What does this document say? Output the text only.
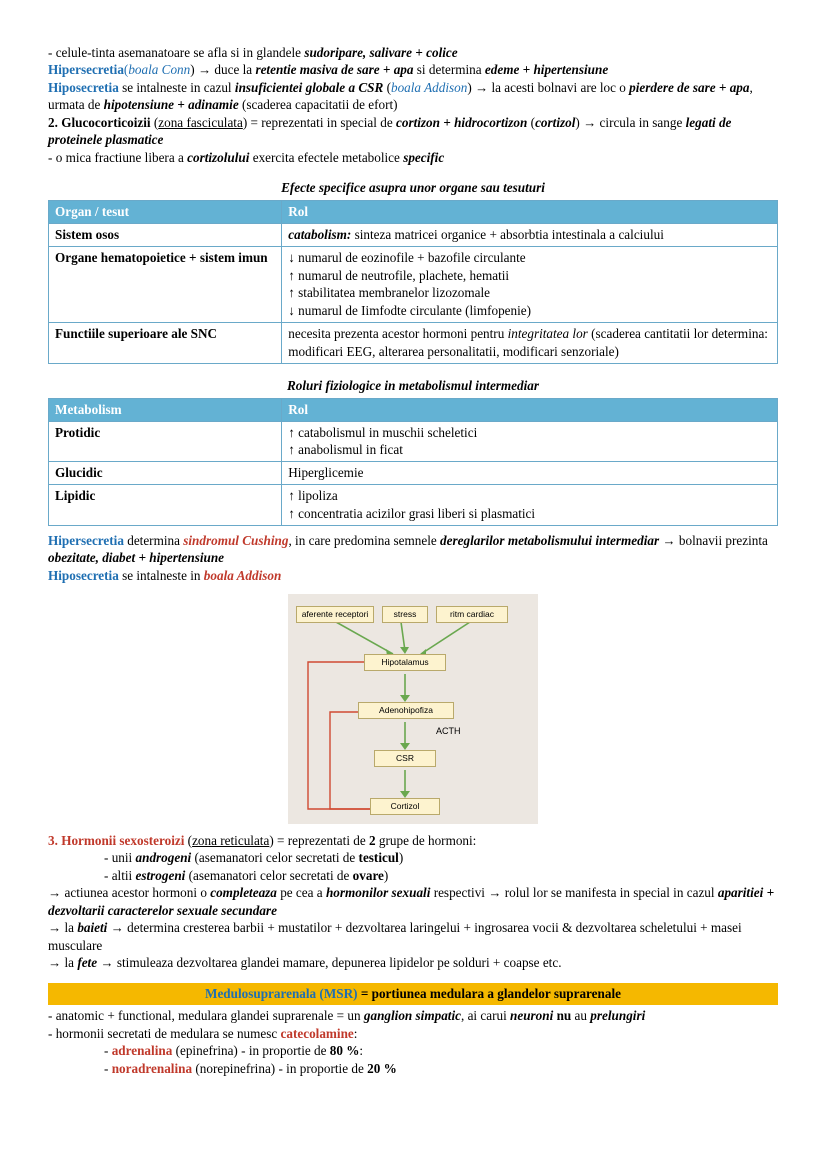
- celule-tinta asemanatoare se afla si in glandele sudoripare, salivare + colice
Hipersecretia(boala Conn) → duce la retentie masiva de sare + apa si determina edeme + hipertensiune
Hiposecretia se intalneste in cazul insuficientei globale a CSR (boala Addison) → la acesti bolnavi are loc o pierdere de sare + apa, urmata de hipotensiune + adinamie (scaderea capacitatii de efort)
2. Glucocorticoizii (zona fasciculata) = reprezentati in special de cortizon + hidrocortizon (cortizol) → circula in sange legati de proteinele plasmatice
- o mica fractiune libera a cortizolului exercita efectele metabolice specific
Efecte specifice asupra unor organe sau tesuturi
Organ / tesut	Rol
Sistem osos	catabolism: sinteza matricei organice + absorbtia intestinala a calciului
Organe hematopoietice + sistem imun	↓ numarul de eozinofile + bazofile circulante
↑ numarul de neutrofile, plachete, hematii
↑ stabilitatea membranelor lizozomale
↓ numarul de Iimfodte circulante (limfopenie)

Functiile superioare ale SNC	necesita prezenta acestor hormoni pentru integritatea lor (scaderea cantitatii lor determina: modificari EEG, alterarea personalitatii, modificari senzoriale)
Roluri fiziologice in metabolismul intermediar
Metabolism	Rol
Protidic	↑ catabolismul in muschii scheletici
↑ anabolismul in ficat

Glucidic	Hiperglicemie

Lipidic	↑ lipoliza
↑ concentratia acizilor grasi liberi si plasmatici
Hipersecretia determina sindromul Cushing, in care predomina semnele dereglarilor metabolismului intermediar → bolnavii prezinta obezitate, diabet + hipertensiune
Hiposecretia se intalneste in boala Addison
aferente receptori	stress	ritm cardiac
Hipotalamus
Adenohipofiza
CSR
Cortizol
ACTH
3. Hormonii sexosteroizi (zona reticulata) = reprezentati de 2 grupe de hormoni:
- unii androgeni (asemanatori celor secretati de testicul)
- altii estrogeni (asemanatori celor secretati de ovare)
→ actiunea acestor hormoni o completeaza pe cea a hormonilor sexuali respectivi → rolul lor se manifesta in special in cazul aparitiei + dezvoltarii caracterelor sexuale secundare
→ la baieti → determina cresterea barbii + mustatilor + dezvoltarea laringelui + ingrosarea vocii & dezvoltarea scheletului + masei musculare
→ la fete → stimuleaza dezvoltarea glandei mamare, depunerea lipidelor pe solduri + coapse etc.
Medulosuprarenala (MSR) = portiunea medulara a glandelor suprarenale
- anatomic + functional, medulara glandei suprarenale = un ganglion simpatic, ai carui neuroni nu au prelungiri
- hormonii secretati de medulara se numesc catecolamine:
- adrenalina (epinefrina) - in proportie de 80 %:
- noradrenalina (norepinefrina) - in proportie de 20 %
